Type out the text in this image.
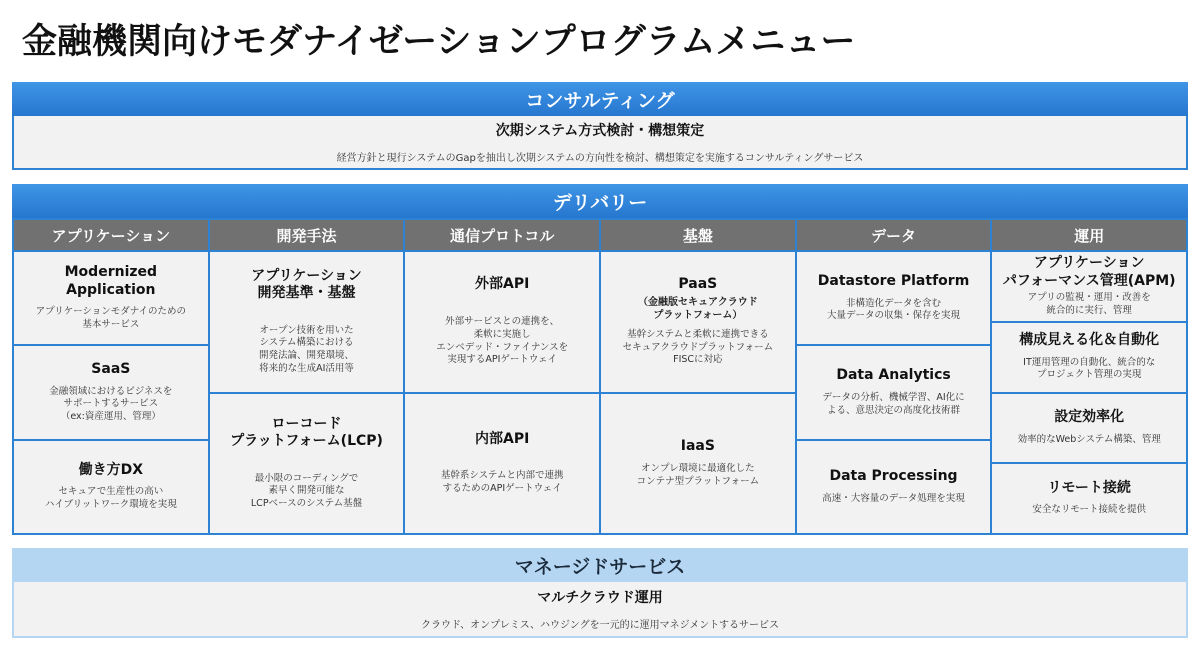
金融機関向けモダナイゼーションプログラムメニュー
コンサルティング
次期システム方式検討・構想策定
経営方針と現行システムのGapを抽出し次期システムの方向性を検討、構想策定を実施するコンサルティングサービス
デリバリー
アプリケーション
Modernized
Application
アプリケーションモダナイのための
基本サービス
SaaS
金融領域におけるビジネスを
サポートするサービス
（ex:資産運用、管理）
働き方DX
セキュアで生産性の高い
ハイブリットワーク環境を実現
開発手法
アプリケーション
開発基準・基盤
オープン技術を用いた
システム構築における
開発法論、開発環境、
将来的な生成AI活用等
ローコード
プラットフォーム(LCP)
最小限のコーディングで
素早く開発可能な
LCPベースのシステム基盤
通信プロトコル
外部API
外部サービスとの連携を、
柔軟に実施し
エンベデッド・ファイナンスを
実現するAPIゲートウェイ
内部API
基幹系システムと内部で連携
するためのAPIゲートウェイ
基盤
PaaS
（金融版セキュアクラウド
プラットフォーム）
基幹システムと柔軟に連携できる
セキュアクラウドプラットフォーム
FISCに対応
IaaS
オンプレ環境に最適化した
コンテナ型プラットフォーム
データ
Datastore Platform
非構造化データを含む
大量データの収集・保存を実現
Data Analytics
データの分析、機械学習、AI化に
よる、意思決定の高度化技術群
Data Processing
高速・大容量のデータ処理を実現
運用
アプリケーション
パフォーマンス管理(APM)
アプリの監視・運用・改善を
統合的に実行、管理
構成見える化＆自動化
IT運用管理の自動化、統合的な
プロジェクト管理の実現
設定効率化
効率的なWebシステム構築、管理
リモート接続
安全なリモート接続を提供
マネージドサービス
マルチクラウド運用
クラウド、オンプレミス、ハウジングを一元的に運用マネジメントするサービス
